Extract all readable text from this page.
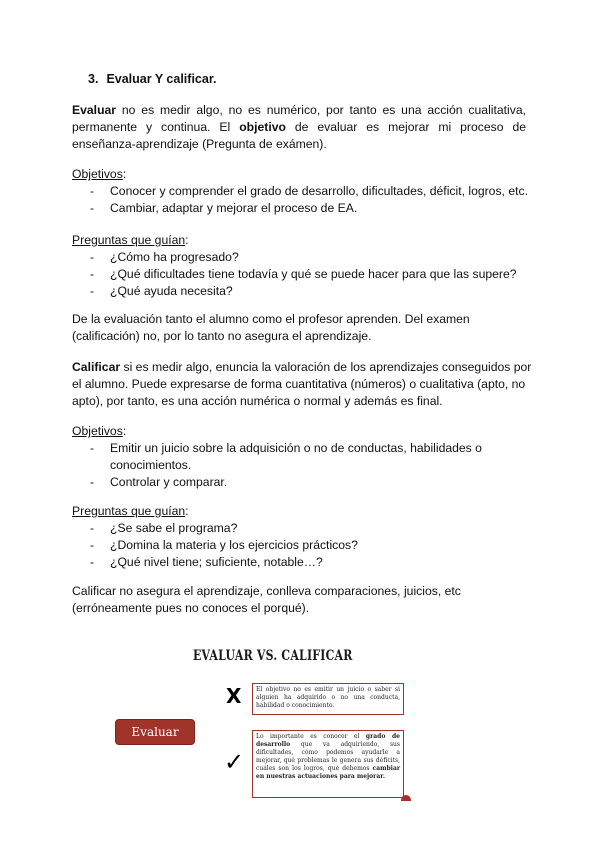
3. Evaluar Y calificar.
Evaluar no es medir algo, no es numérico, por tanto es una acción cualitativa, permanente y continua. El objetivo de evaluar es mejorar mi proceso de enseñanza-aprendizaje (Pregunta de exámen).
Objetivos:
- Conocer y comprender el grado de desarrollo, dificultades, déficit, logros, etc.
- Cambiar, adaptar y mejorar el proceso de EA.
Preguntas que guían:
- ¿Cómo ha progresado?
- ¿Qué dificultades tiene todavía y qué se puede hacer para que las supere?
- ¿Qué ayuda necesita?
De la evaluación tanto el alumno como el profesor aprenden. Del examen (calificación) no, por lo tanto no asegura el aprendizaje.
Calificar si es medir algo, enuncia la valoración de los aprendizajes conseguidos por el alumno. Puede expresarse de forma cuantitativa (números) o cualitativa (apto, no apto), por tanto, es una acción numérica o normal y además es final.
Objetivos:
- Emitir un juicio sobre la adquisición o no de conductas, habilidades o conocimientos.
- Controlar y comparar.
Preguntas que guían:
- ¿Se sabe el programa?
- ¿Domina la materia y los ejercicios prácticos?
- ¿Qué nivel tiene; suficiente, notable…?
Calificar no asegura el aprendizaje, conlleva comparaciones, juicios, etc (erróneamente pues no conoces el porqué).
EVALUAR VS. CALIFICAR
Evaluar
X	El objetivo no es emitir un juicio o saber si alguien ha adquirido o no una conducta, habilidad o conocimiento.
✓
Lo importante es conocer el grado de desarrollo que va adquiriendo, sus dificultades, cómo podemos ayudarle a mejorar, qué problemas le genera sus déficits, cuáles son los logros, qué debemos cambiar en nuestras actuaciones para mejorar.
